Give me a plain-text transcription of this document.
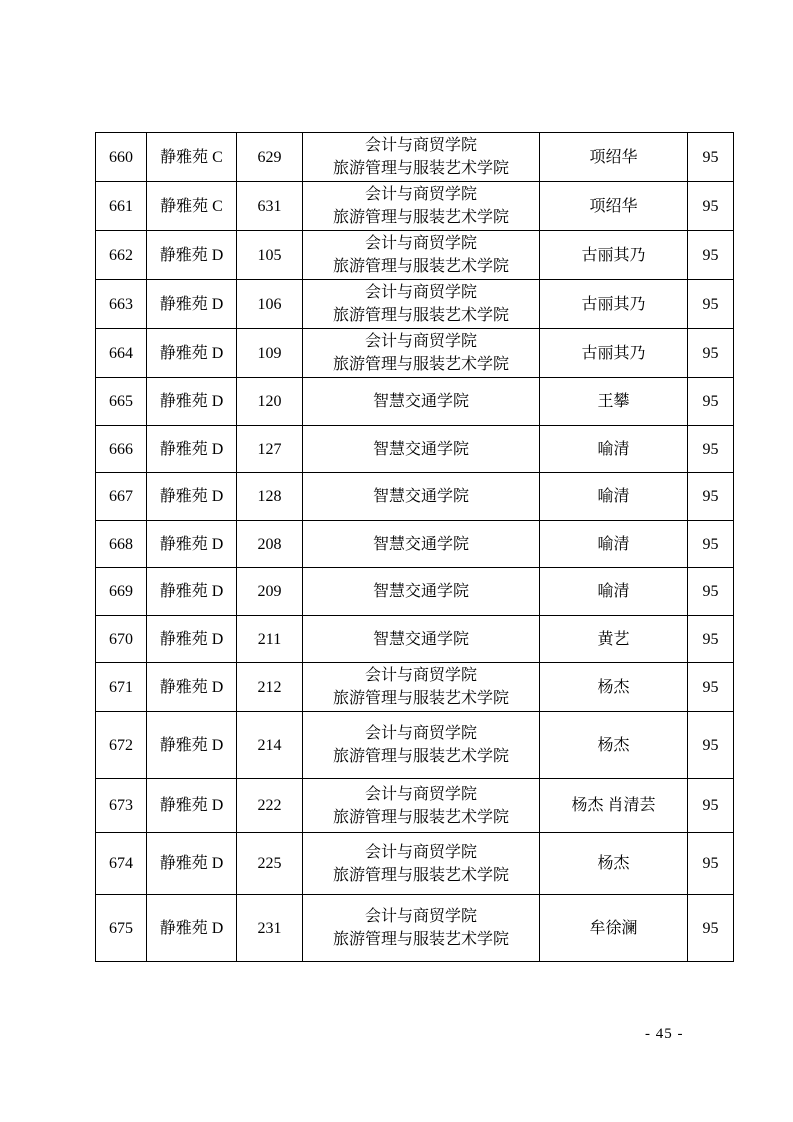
660	静雅苑 C	629	会计与商贸学院
旅游管理与服装艺术学院	项绍华	95
661	静雅苑 C	631	会计与商贸学院
旅游管理与服装艺术学院	项绍华	95
662	静雅苑 D	105	会计与商贸学院
旅游管理与服装艺术学院	古丽其乃	95
663	静雅苑 D	106	会计与商贸学院
旅游管理与服装艺术学院	古丽其乃	95
664	静雅苑 D	109	会计与商贸学院
旅游管理与服装艺术学院	古丽其乃	95
665	静雅苑 D	120	智慧交通学院	王攀	95
666	静雅苑 D	127	智慧交通学院	喻清	95
667	静雅苑 D	128	智慧交通学院	喻清	95
668	静雅苑 D	208	智慧交通学院	喻清	95
669	静雅苑 D	209	智慧交通学院	喻清	95
670	静雅苑 D	211	智慧交通学院	黄艺	95
671	静雅苑 D	212	会计与商贸学院
旅游管理与服装艺术学院	杨杰	95
672	静雅苑 D	214	会计与商贸学院
旅游管理与服装艺术学院	杨杰	95
673	静雅苑 D	222	会计与商贸学院
旅游管理与服装艺术学院	杨杰 肖清芸	95
674	静雅苑 D	225	会计与商贸学院
旅游管理与服装艺术学院	杨杰	95
675	静雅苑 D	231	会计与商贸学院
旅游管理与服装艺术学院	牟徐澜	95
- 45 -
